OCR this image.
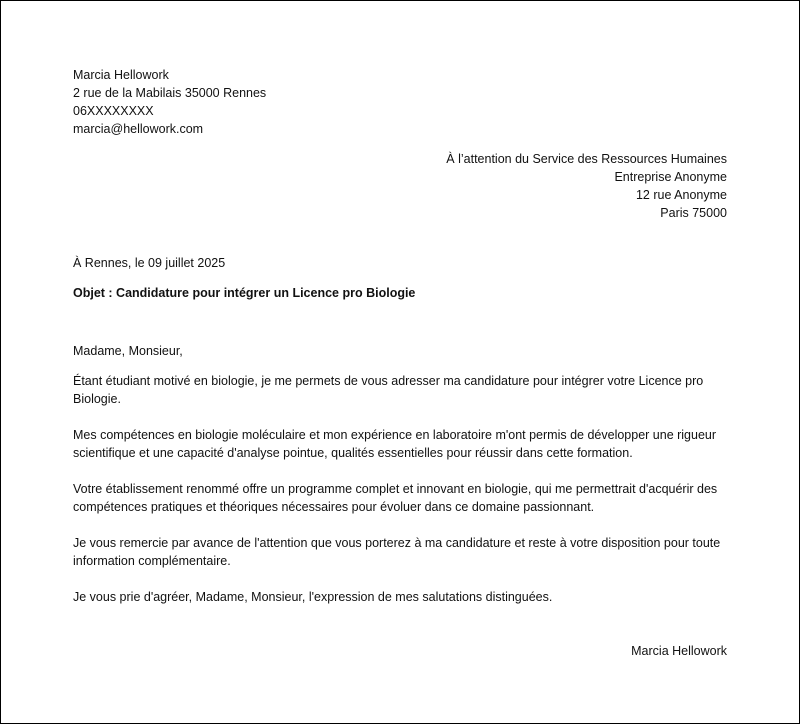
Marcia Hellowork
2 rue de la Mabilais 35000 Rennes
06XXXXXXXX
marcia@hellowork.com
À l’attention du Service des Ressources Humaines
Entreprise Anonyme
12 rue Anonyme
Paris 75000
À Rennes, le 09 juillet 2025
Objet : Candidature pour intégrer un Licence pro Biologie

Madame, Monsieur,

Étant étudiant motivé en biologie, je me permets de vous adresser ma candidature pour intégrer votre Licence pro Biologie.

Mes compétences en biologie moléculaire et mon expérience en laboratoire m'ont permis de développer une rigueur scientifique et une capacité d'analyse pointue, qualités essentielles pour réussir dans cette formation.

Votre établissement renommé offre un programme complet et innovant en biologie, qui me permettrait d'acquérir des compétences pratiques et théoriques nécessaires pour évoluer dans ce domaine passionnant.

Je vous remercie par avance de l'attention que vous porterez à ma candidature et reste à votre disposition pour toute information complémentaire.

Je vous prie d'agréer, Madame, Monsieur, l'expression de mes salutations distinguées.

Marcia Hellowork
